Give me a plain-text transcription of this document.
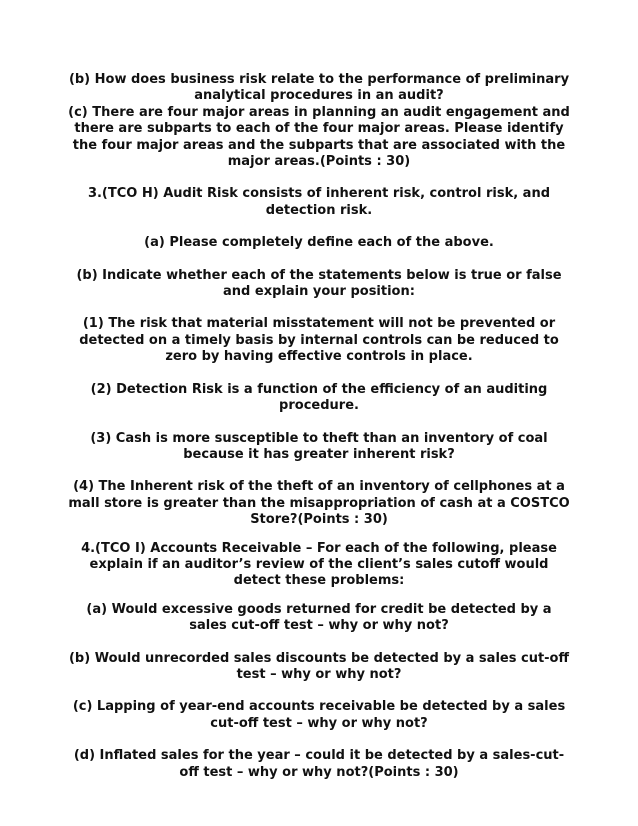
(b) How does business risk relate to the performance of preliminary analytical procedures in an audit?

(c) There are four major areas in planning an audit engagement and there are subparts to each of the four major areas. Please identify the four major areas and the subparts that are associated with the major areas.(Points : 30)

3.(TCO H) Audit Risk consists of inherent risk, control risk, and detection risk.

(a) Please completely define each of the above.

(b) Indicate whether each of the statements below is true or false and explain your position:

(1) The risk that material misstatement will not be prevented or detected on a timely basis by internal controls can be reduced to zero by having effective controls in place.

(2) Detection Risk is a function of the efficiency of an auditing procedure.

(3) Cash is more susceptible to theft than an inventory of coal because it has greater inherent risk?

(4) The Inherent risk of the theft of an inventory of cellphones at a mall store is greater than the misappropriation of cash at a COSTCO Store?(Points : 30)

4.(TCO I) Accounts Receivable – For each of the following, please explain if an auditor’s review of the client’s sales cutoff would detect these problems:

(a) Would excessive goods returned for credit be detected by a sales cut-off test – why or why not?

(b) Would unrecorded sales discounts be detected by a sales cut-off test – why or why not?

(c) Lapping of year-end accounts receivable be detected by a sales cut-off test – why or why not?

(d) Inflated sales for the year – could it be detected by a sales-cut-off test – why or why not?(Points : 30)
